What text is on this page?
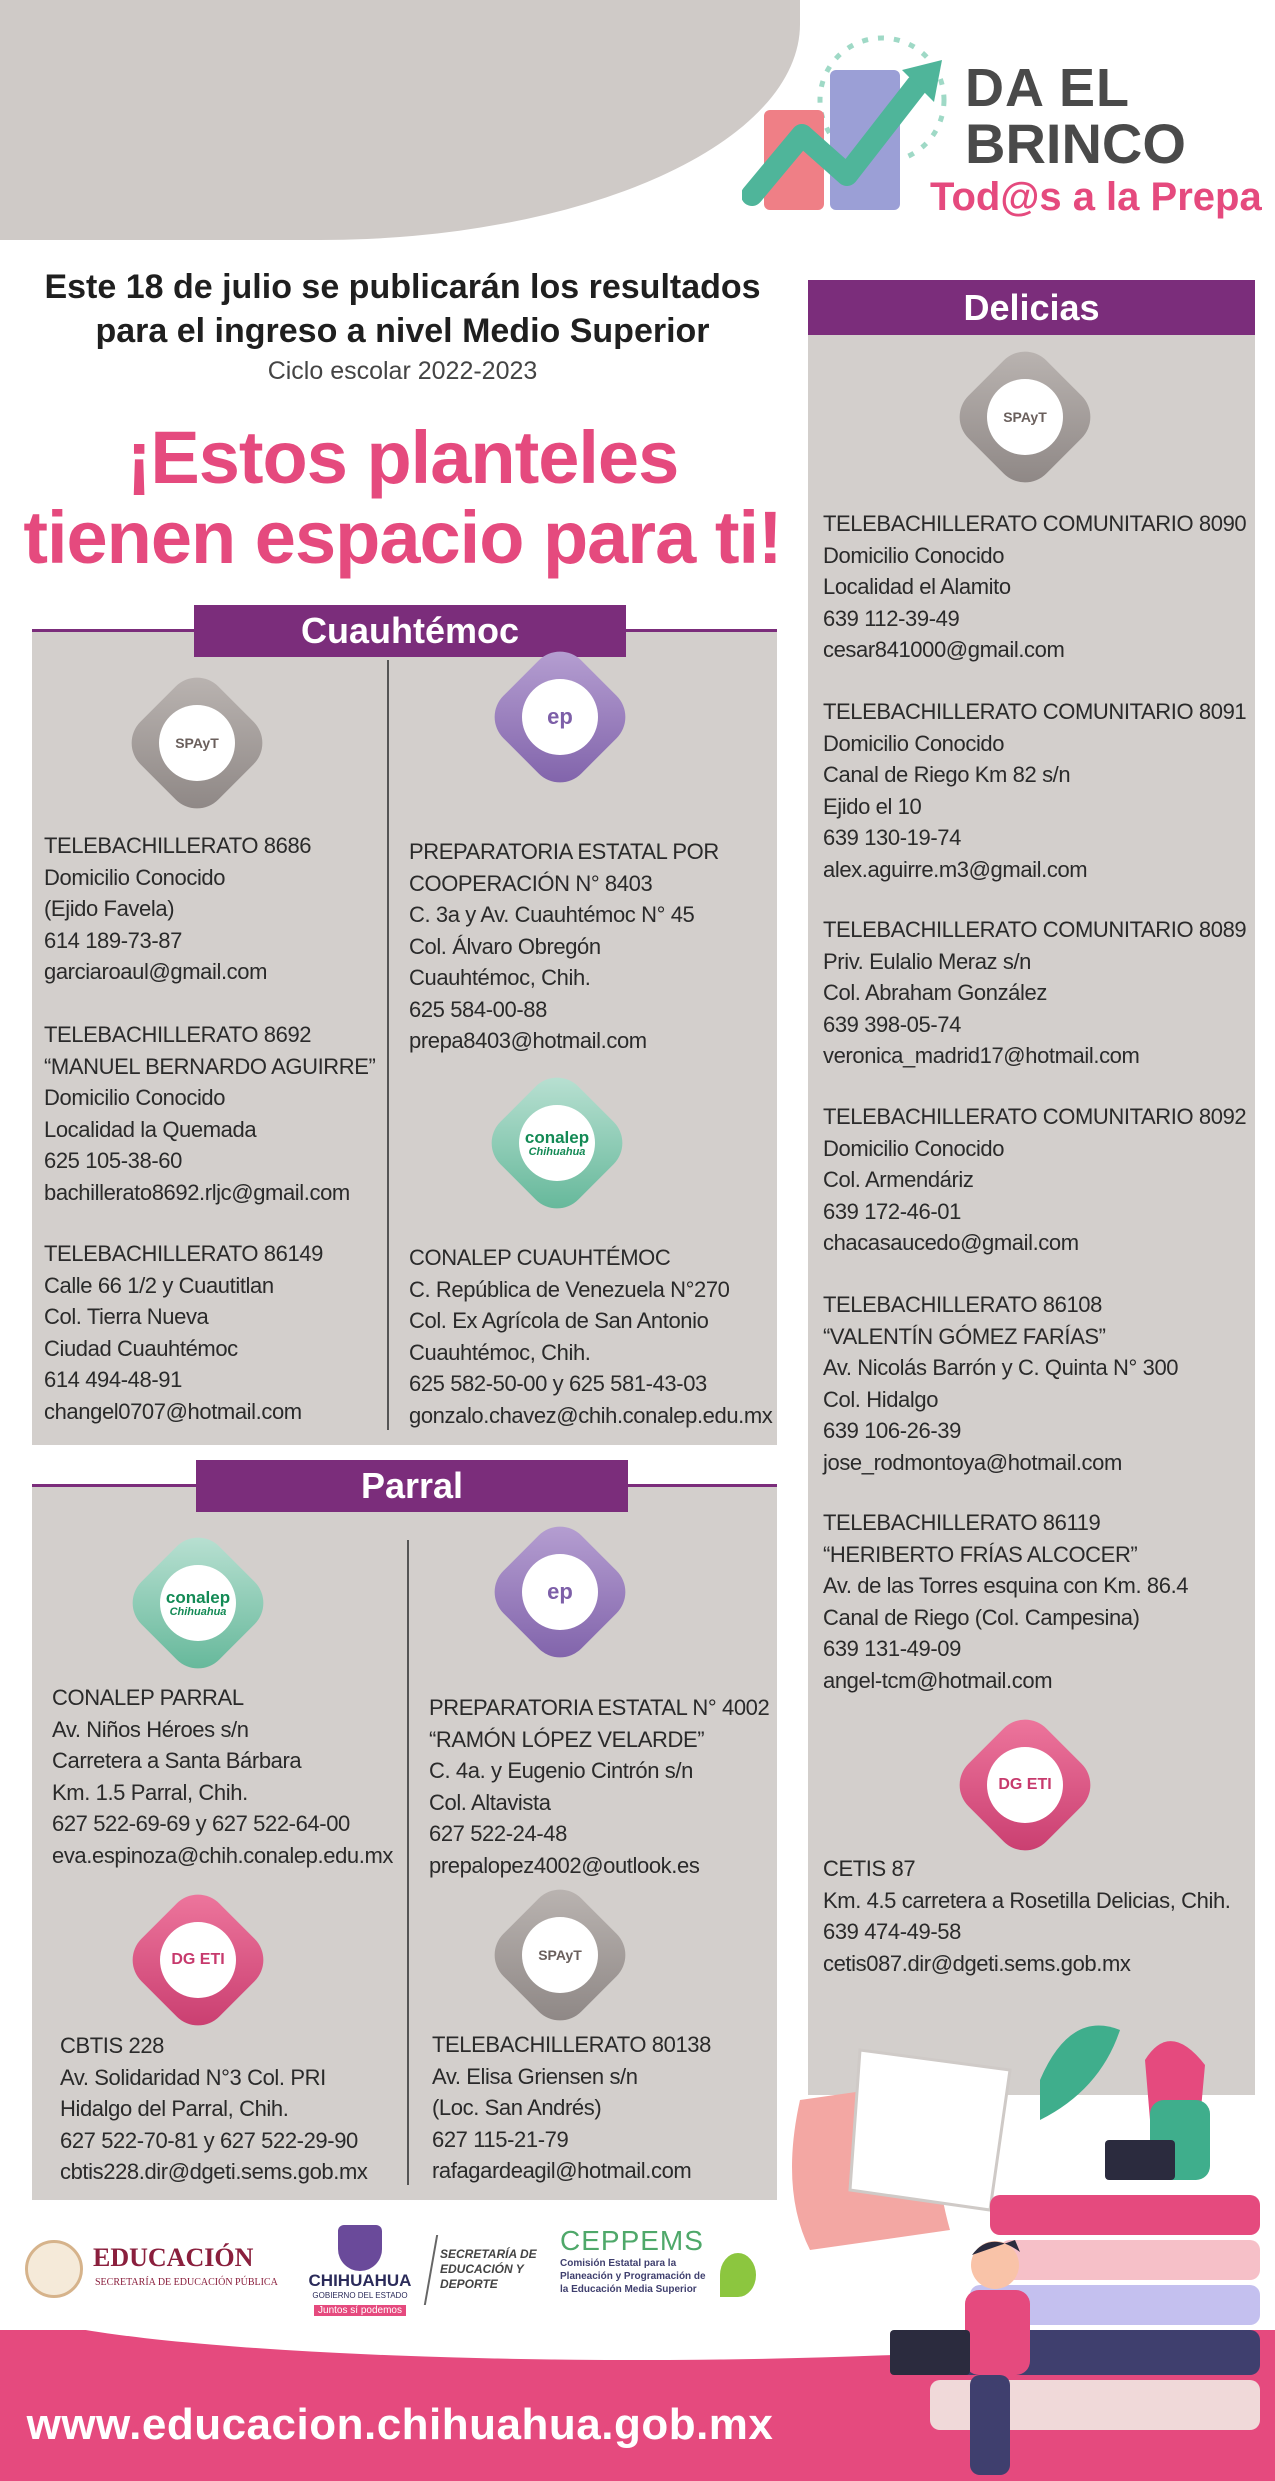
DA EL
BRINCO
Tod@s a la Prepa
Este 18 de julio se publicarán los resultados para el ingreso a nivel Medio Superior
Ciclo escolar 2022-2023
¡Estos planteles
tienen espacio para ti!
Cuauhtémoc
SPAyT
ep
conalep
Chihuahua
TELEBACHILLERATO 8686
Domicilio Conocido
(Ejido Favela)
614 189-73-87
garciaroaul@gmail.com
TELEBACHILLERATO 8692
“MANUEL BERNARDO AGUIRRE”
Domicilio Conocido
Localidad la Quemada
625 105-38-60
bachillerato8692.rljc@gmail.com
TELEBACHILLERATO 86149
Calle 66 1/2 y Cuautitlan
Col. Tierra Nueva
Ciudad Cuauhtémoc
614 494-48-91
changel0707@hotmail.com
PREPARATORIA ESTATAL POR
COOPERACIÓN N° 8403
C. 3a y Av. Cuauhtémoc N° 45
Col. Álvaro Obregón
Cuauhtémoc, Chih.
625 584-00-88
prepa8403@hotmail.com
CONALEP CUAUHTÉMOC
C. República de Venezuela N°270
Col. Ex Agrícola de San Antonio
Cuauhtémoc, Chih.
625 582-50-00 y 625 581-43-03
gonzalo.chavez@chih.conalep.edu.mx
Parral
conalep
Chihuahua
ep
DG ETI	SPAyT
CONALEP PARRAL
Av. Niños Héroes s/n
Carretera a Santa Bárbara
Km. 1.5 Parral, Chih.
627 522-69-69 y 627 522-64-00
eva.espinoza@chih.conalep.edu.mx
CBTIS 228
Av. Solidaridad N°3 Col. PRI
Hidalgo del Parral, Chih.
627 522-70-81 y 627 522-29-90
cbtis228.dir@dgeti.sems.gob.mx
PREPARATORIA ESTATAL N° 4002
“RAMÓN LÓPEZ VELARDE”
C. 4a. y Eugenio Cintrón s/n
Col. Altavista
627 522-24-48
prepalopez4002@outlook.es
TELEBACHILLERATO 80138
Av. Elisa Griensen s/n
(Loc. San Andrés)
627 115-21-79
rafagardeagil@hotmail.com
Delicias
SPAyT
DG ETI
TELEBACHILLERATO COMUNITARIO 8090
Domicilio Conocido
Localidad el Alamito
639 112-39-49
cesar841000@gmail.com
TELEBACHILLERATO COMUNITARIO 8091
Domicilio Conocido
Canal de Riego Km 82 s/n
Ejido el 10
639 130-19-74
alex.aguirre.m3@gmail.com
TELEBACHILLERATO COMUNITARIO 8089
Priv. Eulalio Meraz s/n
Col. Abraham González
639 398-05-74
veronica_madrid17@hotmail.com
TELEBACHILLERATO COMUNITARIO 8092
Domicilio Conocido
Col. Armendáriz
639 172-46-01
chacasaucedo@gmail.com
TELEBACHILLERATO 86108
“VALENTÍN GÓMEZ FARÍAS”
Av. Nicolás Barrón y C. Quinta N° 300
Col. Hidalgo
639 106-26-39
jose_rodmontoya@hotmail.com
TELEBACHILLERATO 86119
“HERIBERTO FRÍAS ALCOCER”
Av. de las Torres esquina con Km. 86.4
Canal de Riego (Col. Campesina)
639 131-49-09
angel-tcm@hotmail.com
CETIS 87
Km. 4.5 carretera a Rosetilla Delicias, Chih.
639 474-49-58
cetis087.dir@dgeti.sems.gob.mx
EDUCACIÓN
SECRETARÍA DE EDUCACIÓN PÚBLICA	CHIHUAHUA
GOBIERNO DEL ESTADO
Juntos sí podemos
SECRETARÍA DE EDUCACIÓN Y DEPORTE
CEPPEMS
Comisión Estatal para la Planeación y Programación de la Educación Media Superior
www.educacion.chihuahua.gob.mx
